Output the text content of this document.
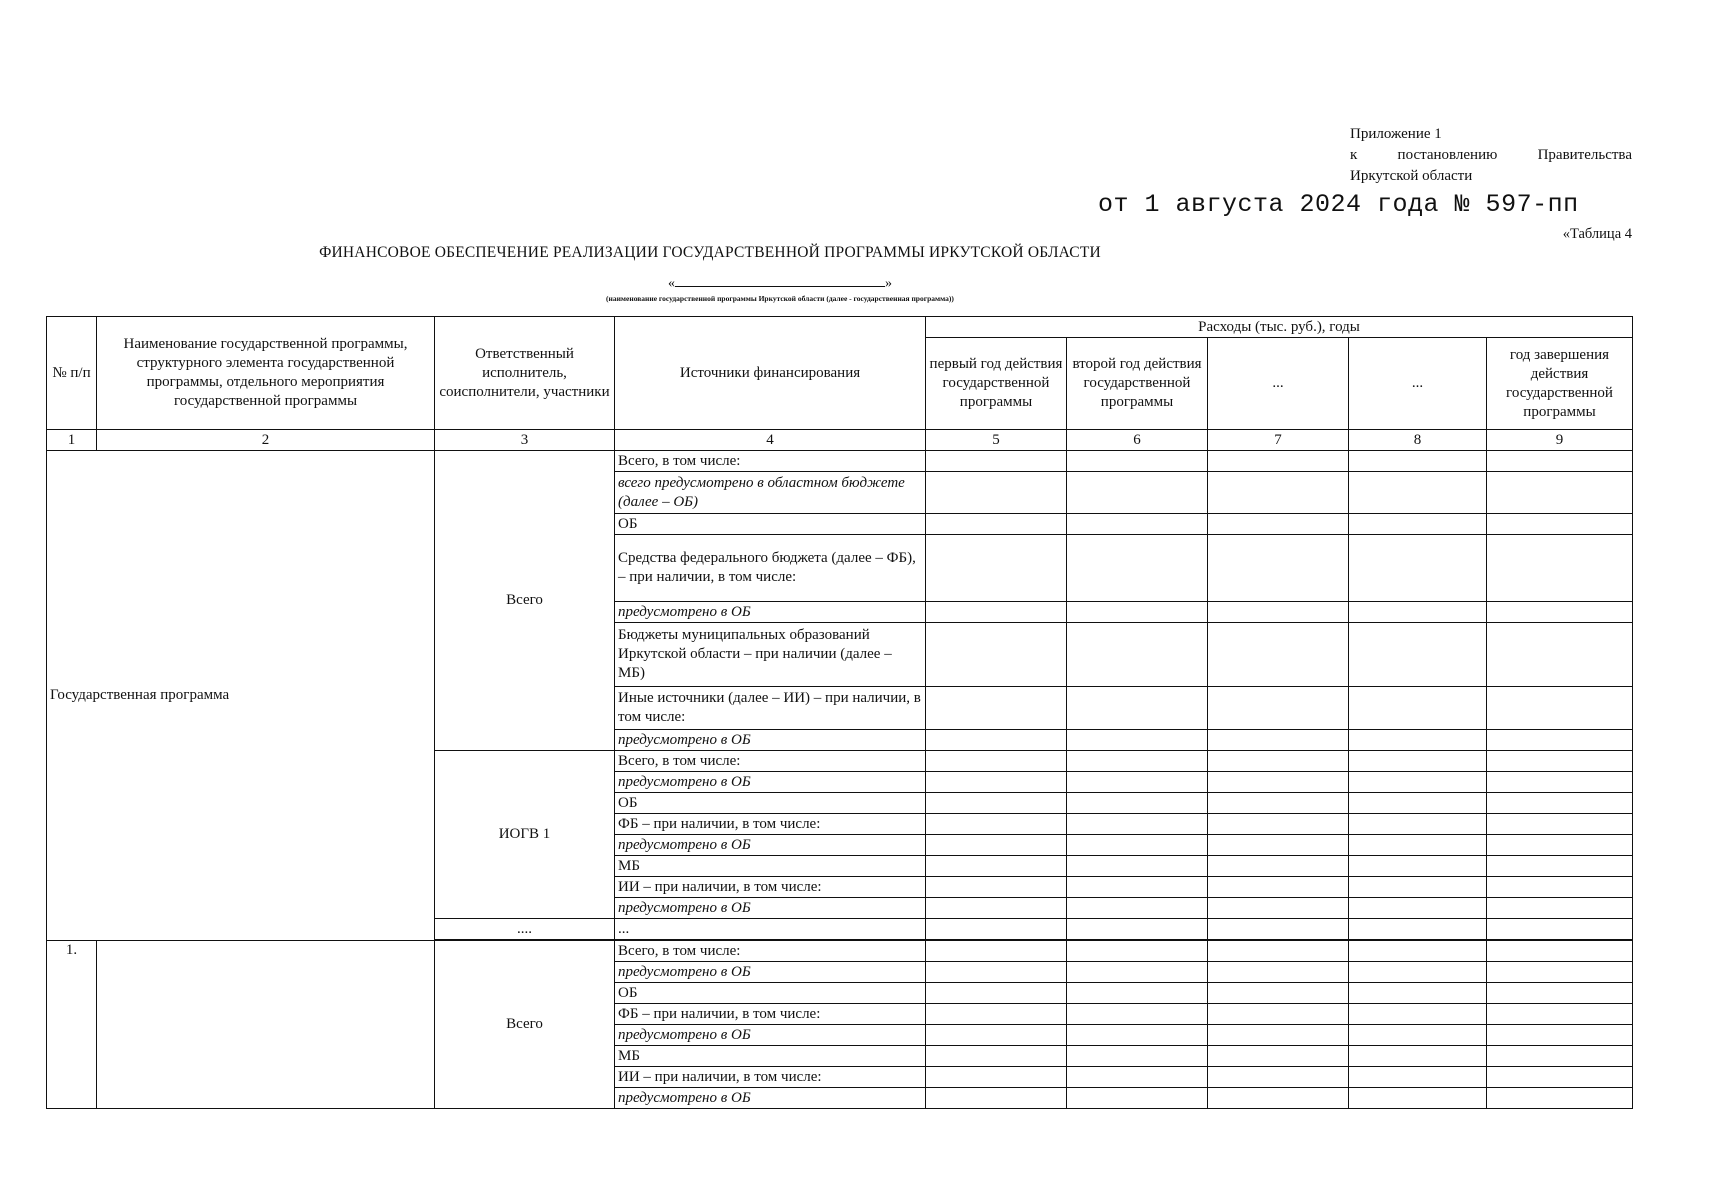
Приложение 1
к	постановлению	Правительства
Иркутской области
от 1 августа 2024 года № 597-пп
«Таблица 4
ФИНАНСОВОЕ ОБЕСПЕЧЕНИЕ РЕАЛИЗАЦИИ ГОСУДАРСТВЕННОЙ ПРОГРАММЫ ИРКУТСКОЙ ОБЛАСТИ
«	»
(наименование государственной программы Иркутской области (далее - государственная программа))
№ п/п	Наименование государственной программы, структурного элемента государственной программы, отдельного мероприятия государственной программы	Ответственный исполнитель, соисполнители, участники	Источники финансирования	Расходы (тыс. руб.), годы				
				первый год действия государственной программы	второй год действия государственной программы	...	...	год завершения действия государственной программы
1	2	3	4	5	6	7	8	9
Государственная программа		Всего	Всего, в том числе:					
			всего предусмотрено в областном бюджете (далее – ОБ)					
			ОБ					
			Средства федерального бюджета (далее – ФБ), – при наличии, в том числе:					
			предусмотрено в ОБ					
			Бюджеты муниципальных образований Иркутской области – при наличии (далее – МБ)					
			Иные источники (далее – ИИ) – при наличии, в том числе:					
			предусмотрено в ОБ					
		ИОГВ 1	Всего, в том числе:					
			предусмотрено в ОБ					
			ОБ					
			ФБ – при наличии, в том числе:					
			предусмотрено в ОБ					
			МБ					
			ИИ – при наличии, в том числе:					
			предусмотрено в ОБ					
		....	...					

1.		Всего	Всего, в том числе:					
			предусмотрено в ОБ					
			ОБ					
			ФБ – при наличии, в том числе:					
			предусмотрено в ОБ					
			МБ					
			ИИ – при наличии, в том числе:					
			предусмотрено в ОБ					
